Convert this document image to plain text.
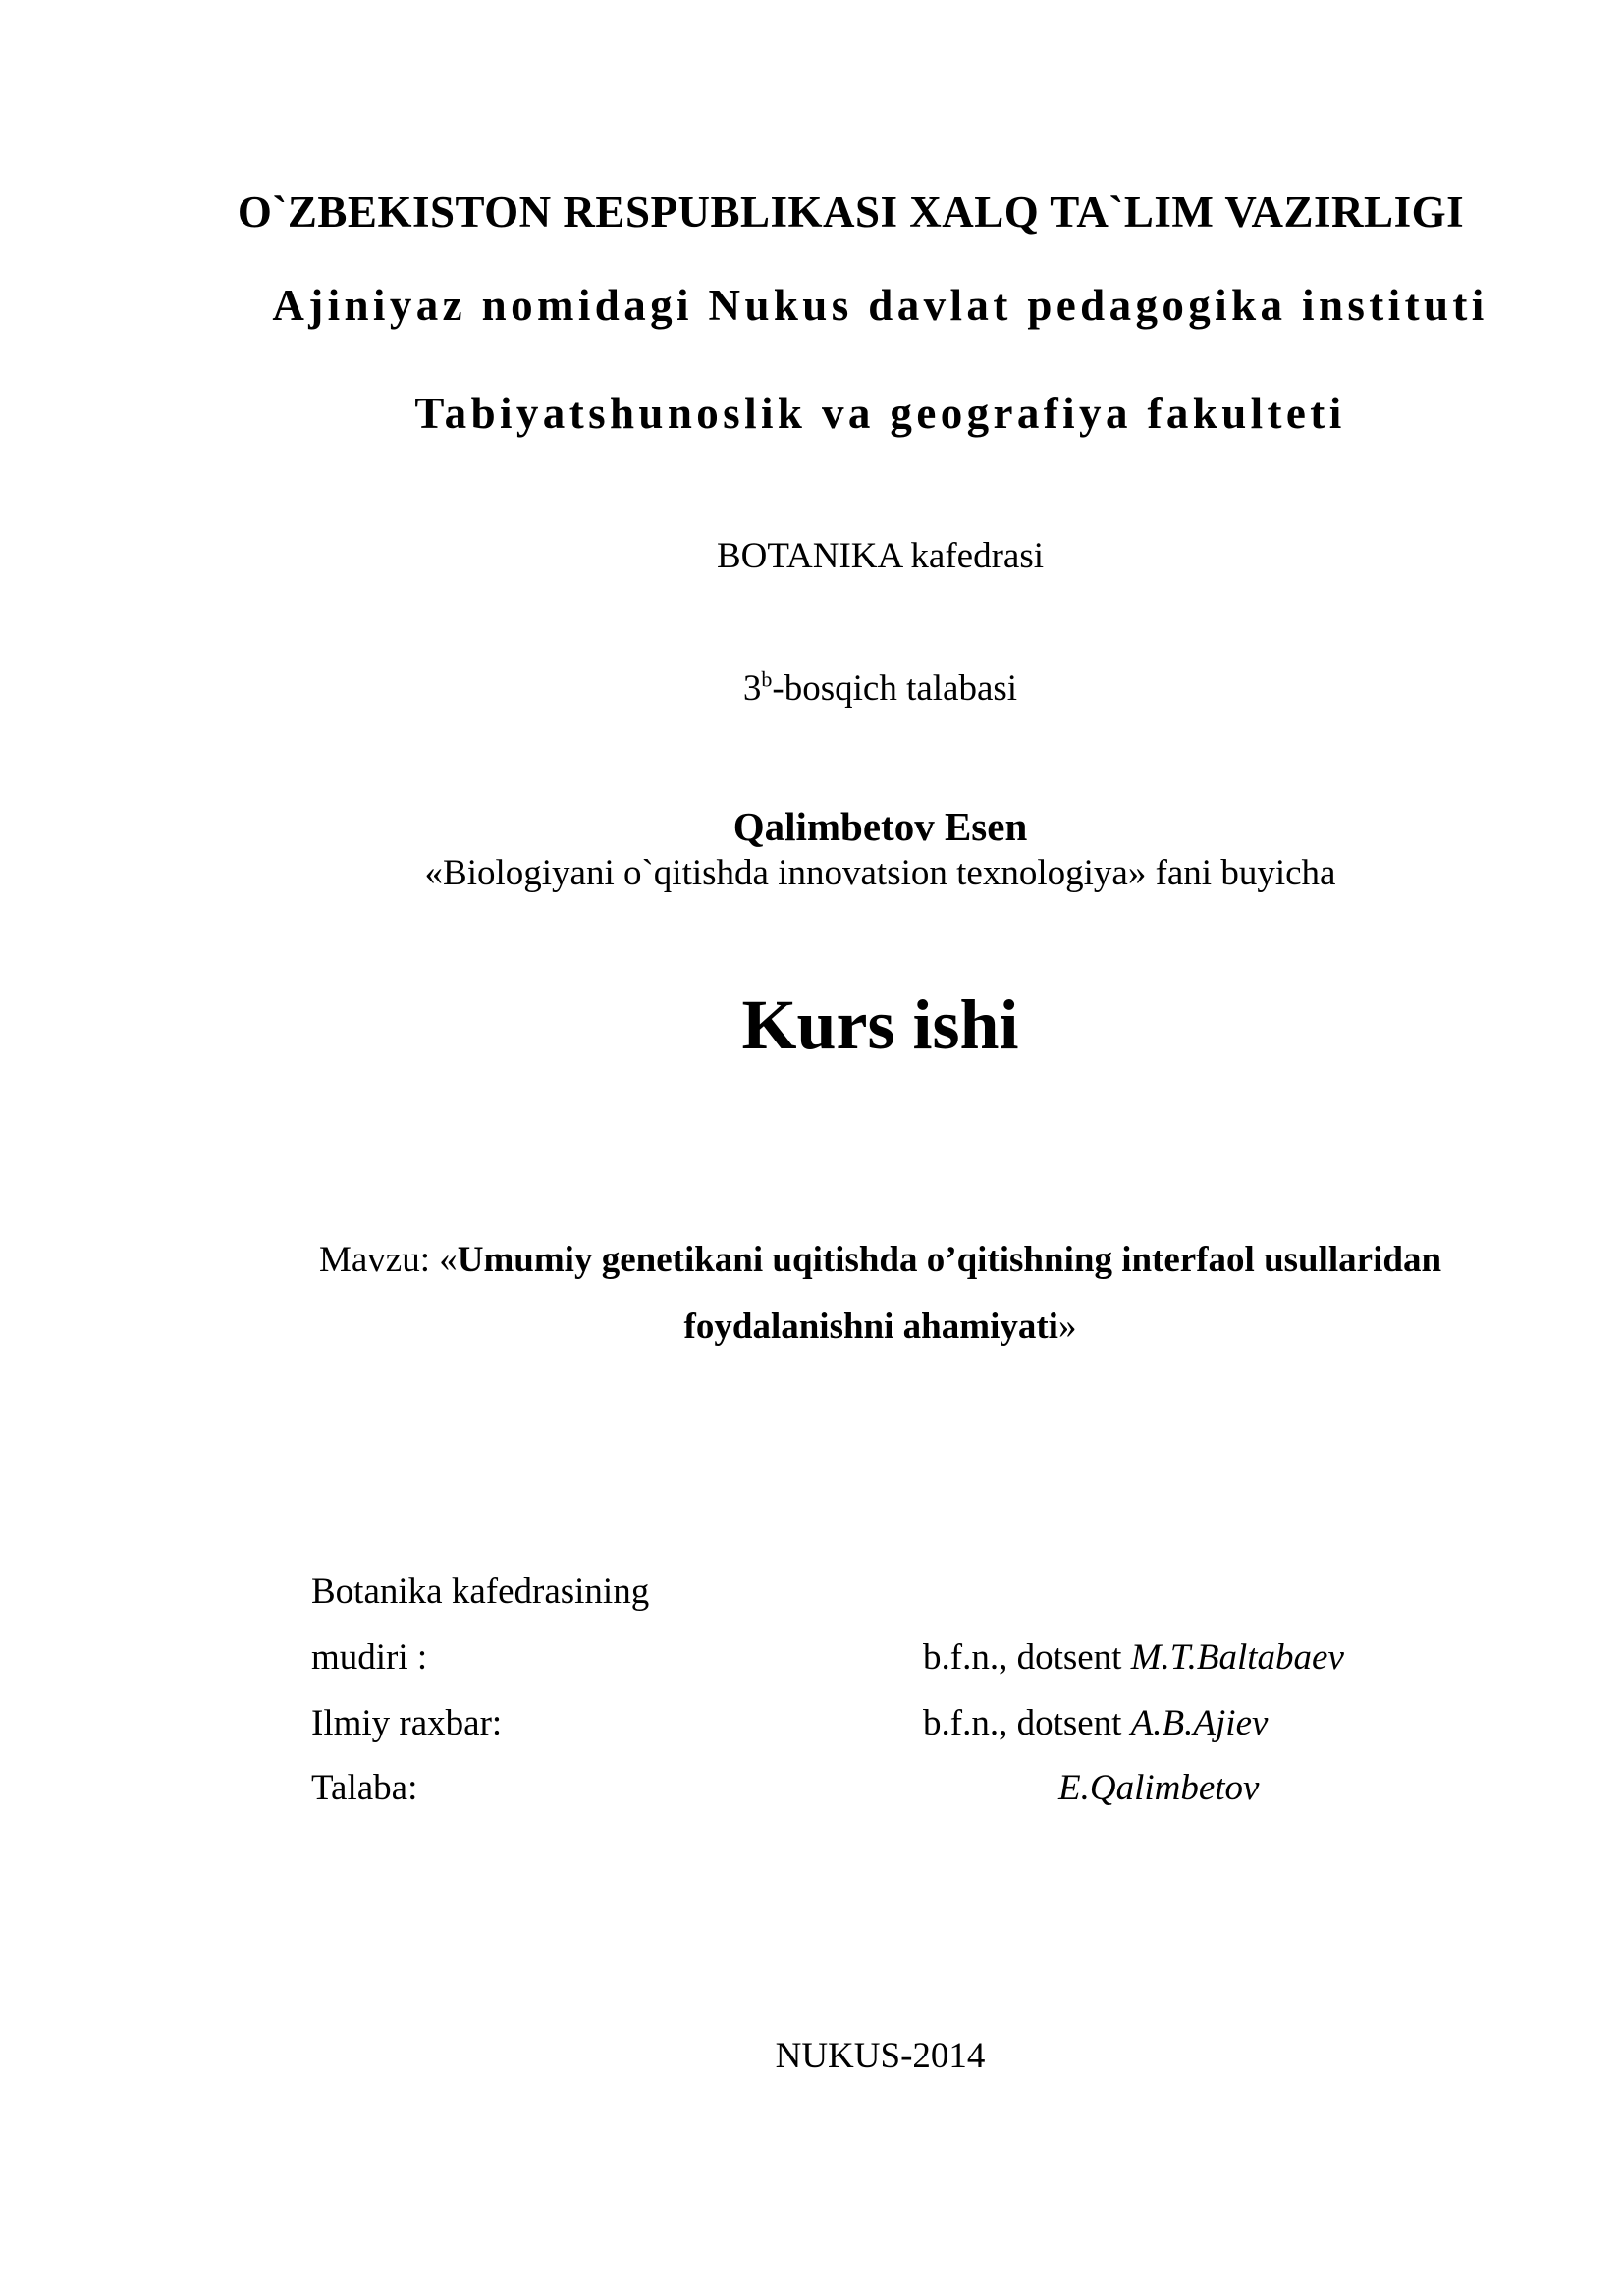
O`ZBEKISTON RESPUBLIKASI XALQ TA`LIM VAZIRLIGI
Ajiniyaz nomidagi Nukus davlat pedagogika instituti
Tabiyatshunoslik va geografiya fakulteti
BOTANIKA kafedrasi
3$^b$-bosqich talabasi
Qalimbetov Esen
«Biologiyani o`qitishda innovatsion texnologiya» fani buyicha
Kurs ishi
Mavzu: «Umumiy genetikani uqitishda o’qitishning interfaol usullaridan
foydalanishni ahamiyati»
Botanika kafedrasining
mudiri :	b.f.n., dotsent M.T.Baltabaev
Ilmiy raxbar:	b.f.n., dotsent A.B.Ajiev
Talaba:	E.Qalimbetov
NUKUS-2014
